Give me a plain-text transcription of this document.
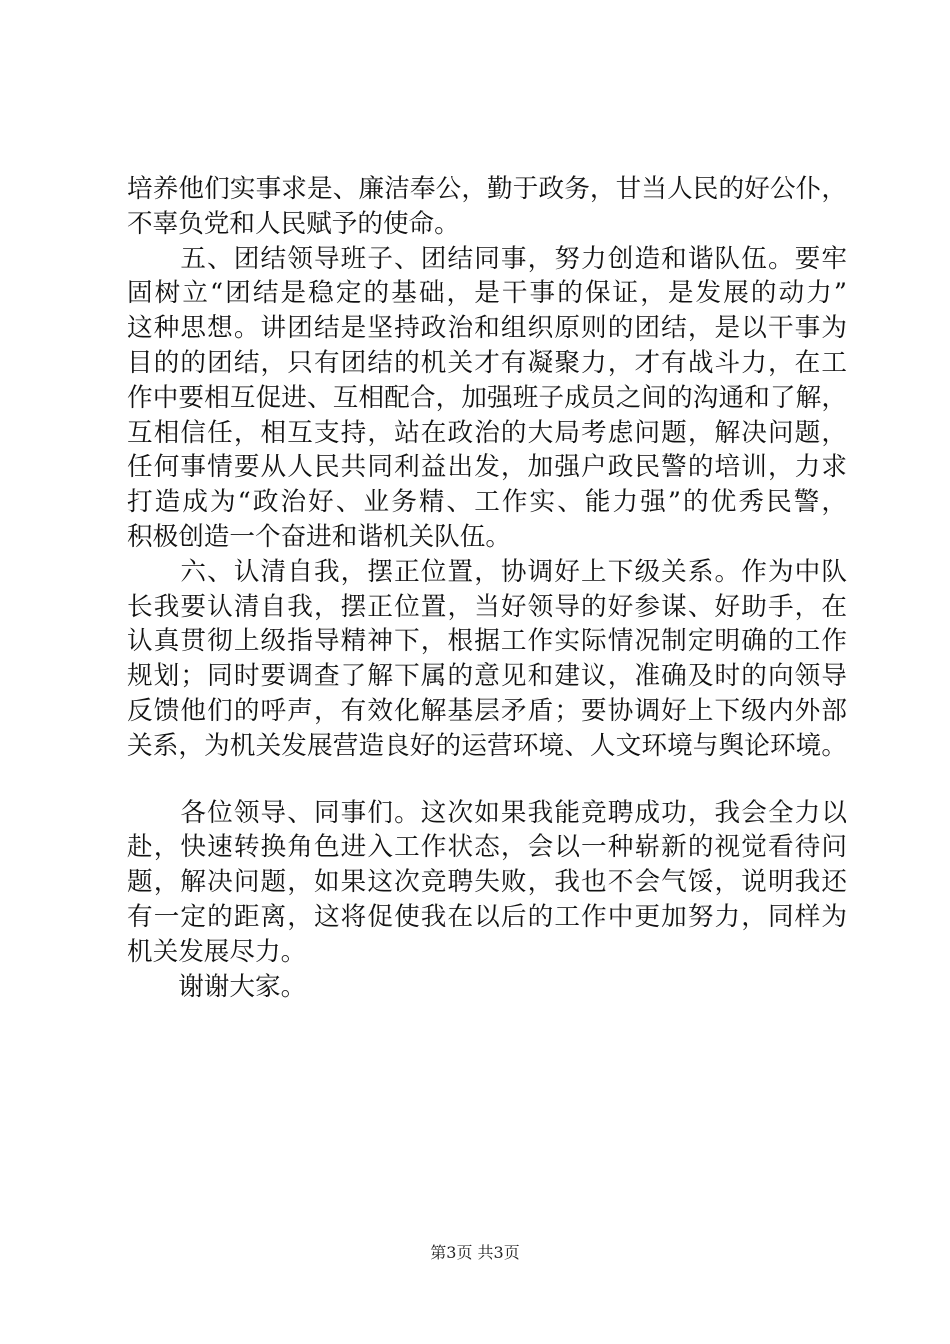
培养他们实事求是、廉洁奉公，勤于政务，甘当人民的好公仆，
不辜负党和人民赋予的使命。
　　五、团结领导班子、团结同事，努力创造和谐队伍。要牢
固树立“团结是稳定的基础，是干事的保证，是发展的动力”
这种思想。讲团结是坚持政治和组织原则的团结，是以干事为
目的的团结，只有团结的机关才有凝聚力，才有战斗力，在工
作中要相互促进、互相配合，加强班子成员之间的沟通和了解，
互相信任，相互支持，站在政治的大局考虑问题，解决问题，
任何事情要从人民共同利益出发，加强户政民警的培训，力求
打造成为“政治好、业务精、工作实、能力强”的优秀民警，
积极创造一个奋进和谐机关队伍。
　　六、认清自我，摆正位置，协调好上下级关系。作为中队
长我要认清自我，摆正位置，当好领导的好参谋、好助手，在
认真贯彻上级指导精神下，根据工作实际情况制定明确的工作
规划；同时要调查了解下属的意见和建议，准确及时的向领导
反馈他们的呼声，有效化解基层矛盾；要协调好上下级内外部
关系，为机关发展营造良好的运营环境、人文环境与舆论环境。
　　各位领导、同事们。这次如果我能竞聘成功，我会全力以
赴，快速转换角色进入工作状态，会以一种崭新的视觉看待问
题，解决问题，如果这次竞聘失败，我也不会气馁，说明我还
有一定的距离，这将促使我在以后的工作中更加努力，同样为
机关发展尽力。
　　谢谢大家。
第3页 共3页
